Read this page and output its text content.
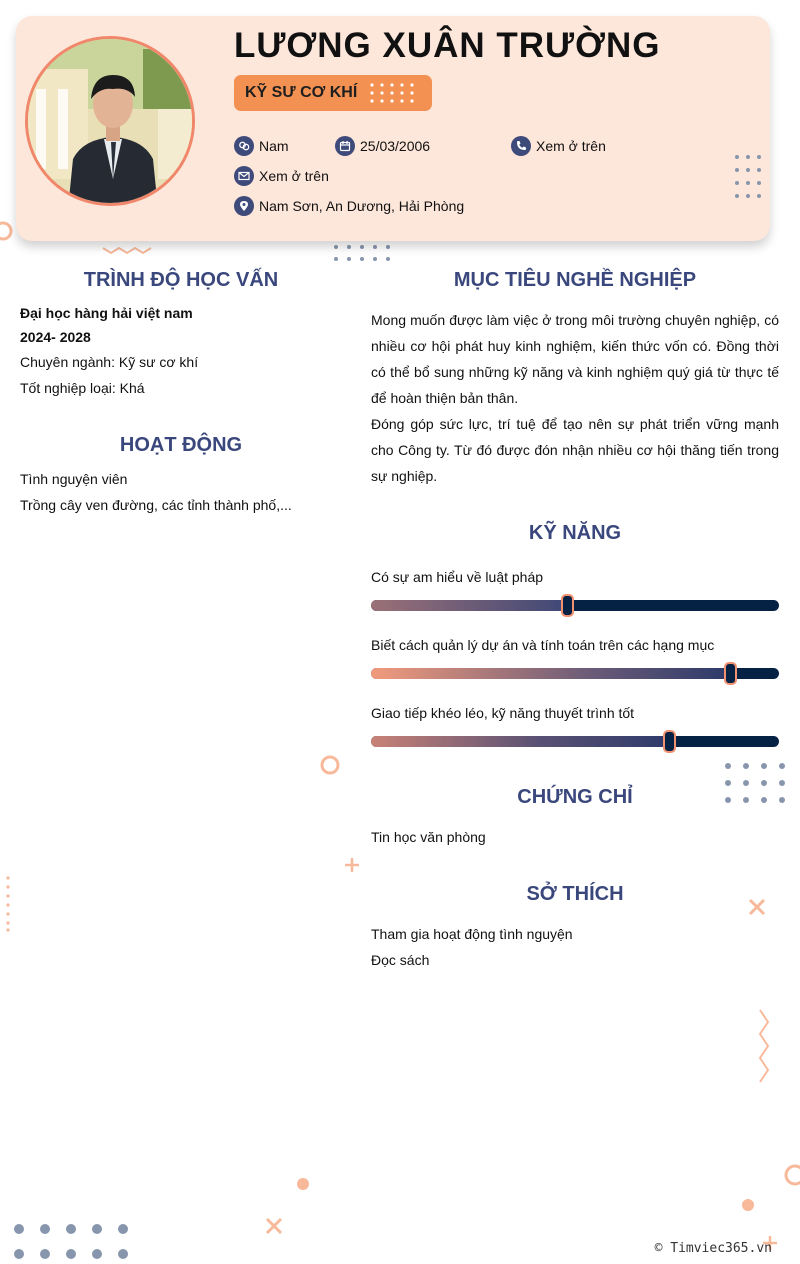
LƯƠNG XUÂN TRƯỜNG
KỸ SƯ CƠ KHÍ
Nam	25/03/2006	Xem ở trên
Xem ở trên
Nam Sơn, An Dương, Hải Phòng
TRÌNH ĐỘ HỌC VẤN
Đại học hàng hải việt nam
2024- 2028
Chuyên ngành: Kỹ sư cơ khí
Tốt nghiệp loại: Khá
HOẠT ĐỘNG
Tình nguyện viên
Trồng cây ven đường, các tỉnh thành phố,...
MỤC TIÊU NGHỀ NGHIỆP
Mong muốn được làm việc ở trong môi trường chuyên nghiệp, có nhiều cơ hội phát huy kinh nghiệm, kiến thức vốn có. Đồng thời có thể bổ sung những kỹ năng và kinh nghiệm quý giá từ thực tế để hoàn thiện bản thân.
Đóng góp sức lực, trí tuệ để tạo nên sự phát triển vững mạnh cho Công ty. Từ đó được đón nhận nhiều cơ hội thăng tiến trong sự nghiệp.
KỸ NĂNG
Có sự am hiểu về luật pháp
Biết cách quản lý dự án và tính toán trên các hạng mục
Giao tiếp khéo léo, kỹ năng thuyết trình tốt
CHỨNG CHỈ
Tin học văn phòng
SỞ THÍCH
Tham gia hoạt động tình nguyện
Đọc sách
© Timviec365.vn
